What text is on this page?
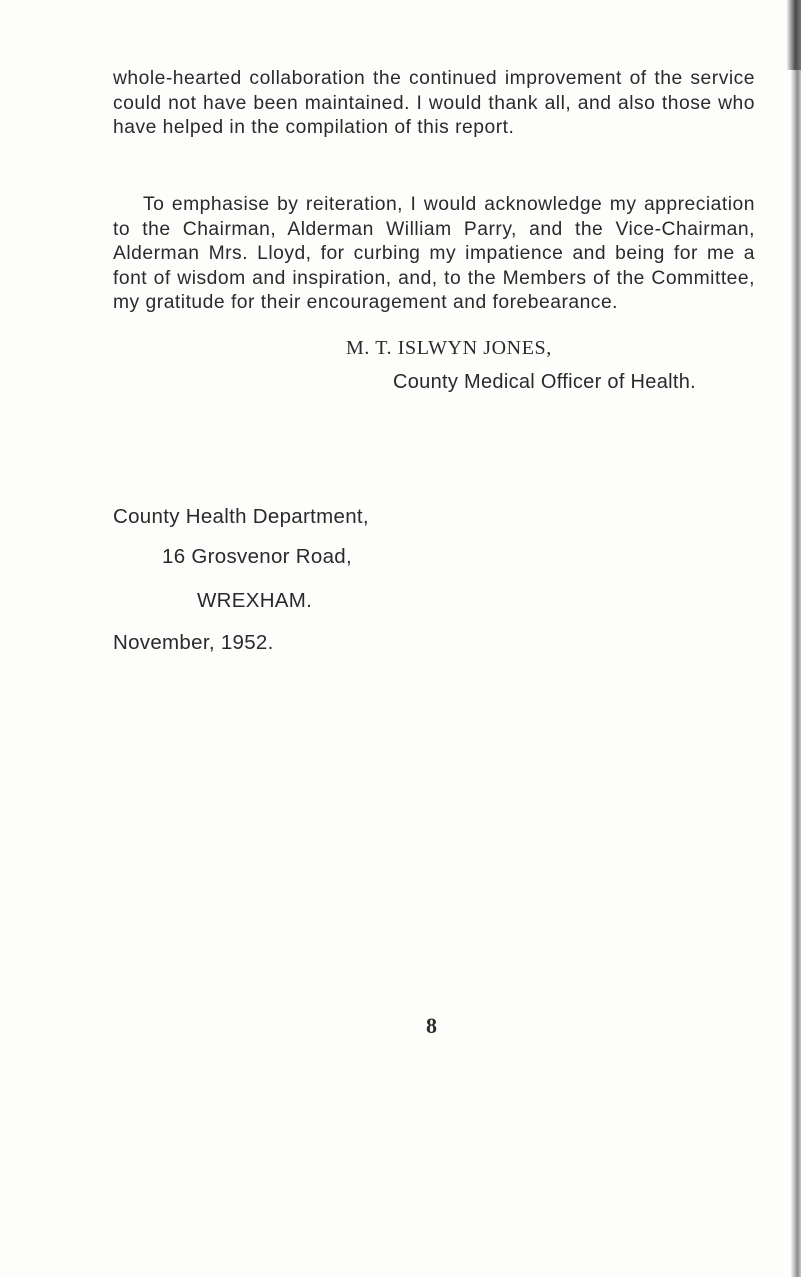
whole-hearted collaboration the continued improvement of the service could not have been maintained. I would thank all, and also those who have helped in the compilation of this report.

To emphasise by reiteration, I would acknowledge my appreciation to the Chairman, Alderman William Parry, and the Vice-Chairman, Alderman Mrs. Lloyd, for curbing my impatience and being for me a font of wisdom and inspiration, and, to the Members of the Committee, my gratitude for their encouragement and forebearance.

M. T. ISLWYN JONES,

County Medical Officer of Health.

County Health Department,

16 Grosvenor Road,

WREXHAM.

November, 1952.

8
